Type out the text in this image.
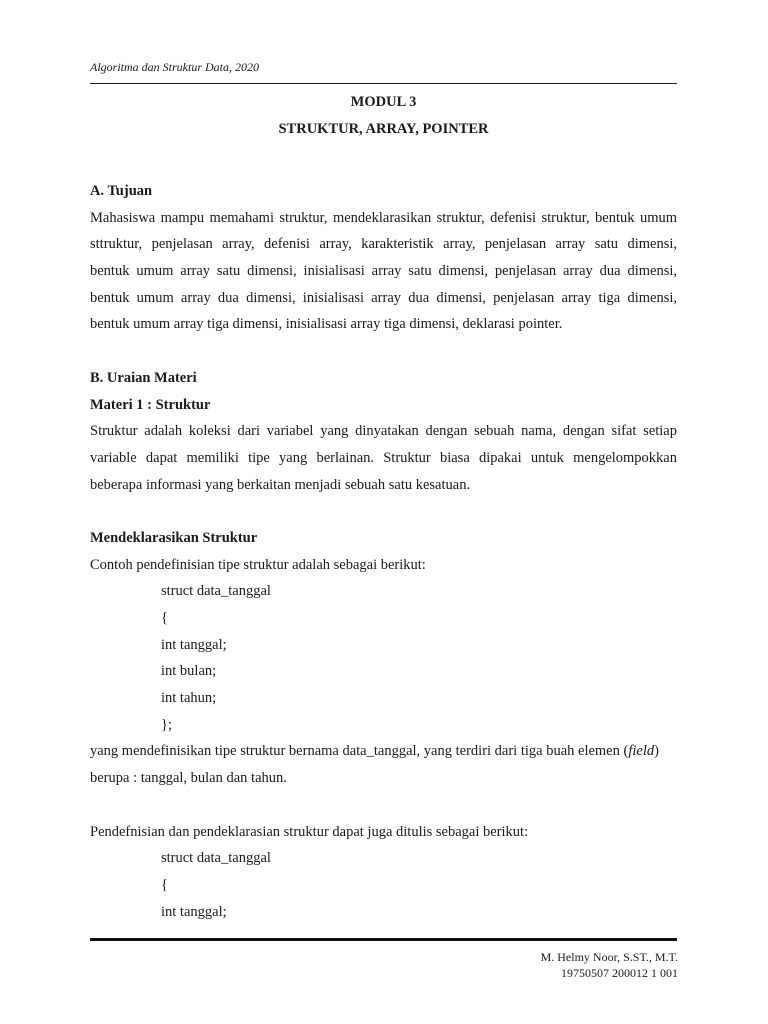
Algoritma dan Struktur Data, 2020
MODUL 3
STRUKTUR, ARRAY, POINTER
A. Tujuan
Mahasiswa mampu memahami struktur, mendeklarasikan struktur, defenisi struktur, bentuk umum
sttruktur, penjelasan array, defenisi array, karakteristik array, penjelasan array satu dimensi,
bentuk umum array satu dimensi, inisialisasi array satu dimensi, penjelasan array dua dimensi,
bentuk umum array dua dimensi, inisialisasi array dua dimensi, penjelasan array tiga dimensi,
bentuk umum array tiga dimensi, inisialisasi array tiga dimensi, deklarasi pointer.
B. Uraian Materi
Materi 1 : Struktur
Struktur adalah koleksi dari variabel yang dinyatakan dengan sebuah nama, dengan sifat setiap
variable dapat memiliki tipe yang berlainan. Struktur biasa dipakai untuk mengelompokkan
beberapa informasi yang berkaitan menjadi sebuah satu kesatuan.
Mendeklarasikan Struktur
Contoh pendefinisian tipe struktur adalah sebagai berikut:
struct data_tanggal
{
int tanggal;
int bulan;
int tahun;
};
yang mendefinisikan tipe struktur bernama data_tanggal, yang terdiri dari tiga buah elemen (field)
berupa : tanggal, bulan dan tahun.
Pendefnisian dan pendeklarasian struktur dapat juga ditulis sebagai berikut:
struct data_tanggal
{
int tanggal;
M. Helmy Noor, S.ST., M.T.
19750507 200012 1 001
